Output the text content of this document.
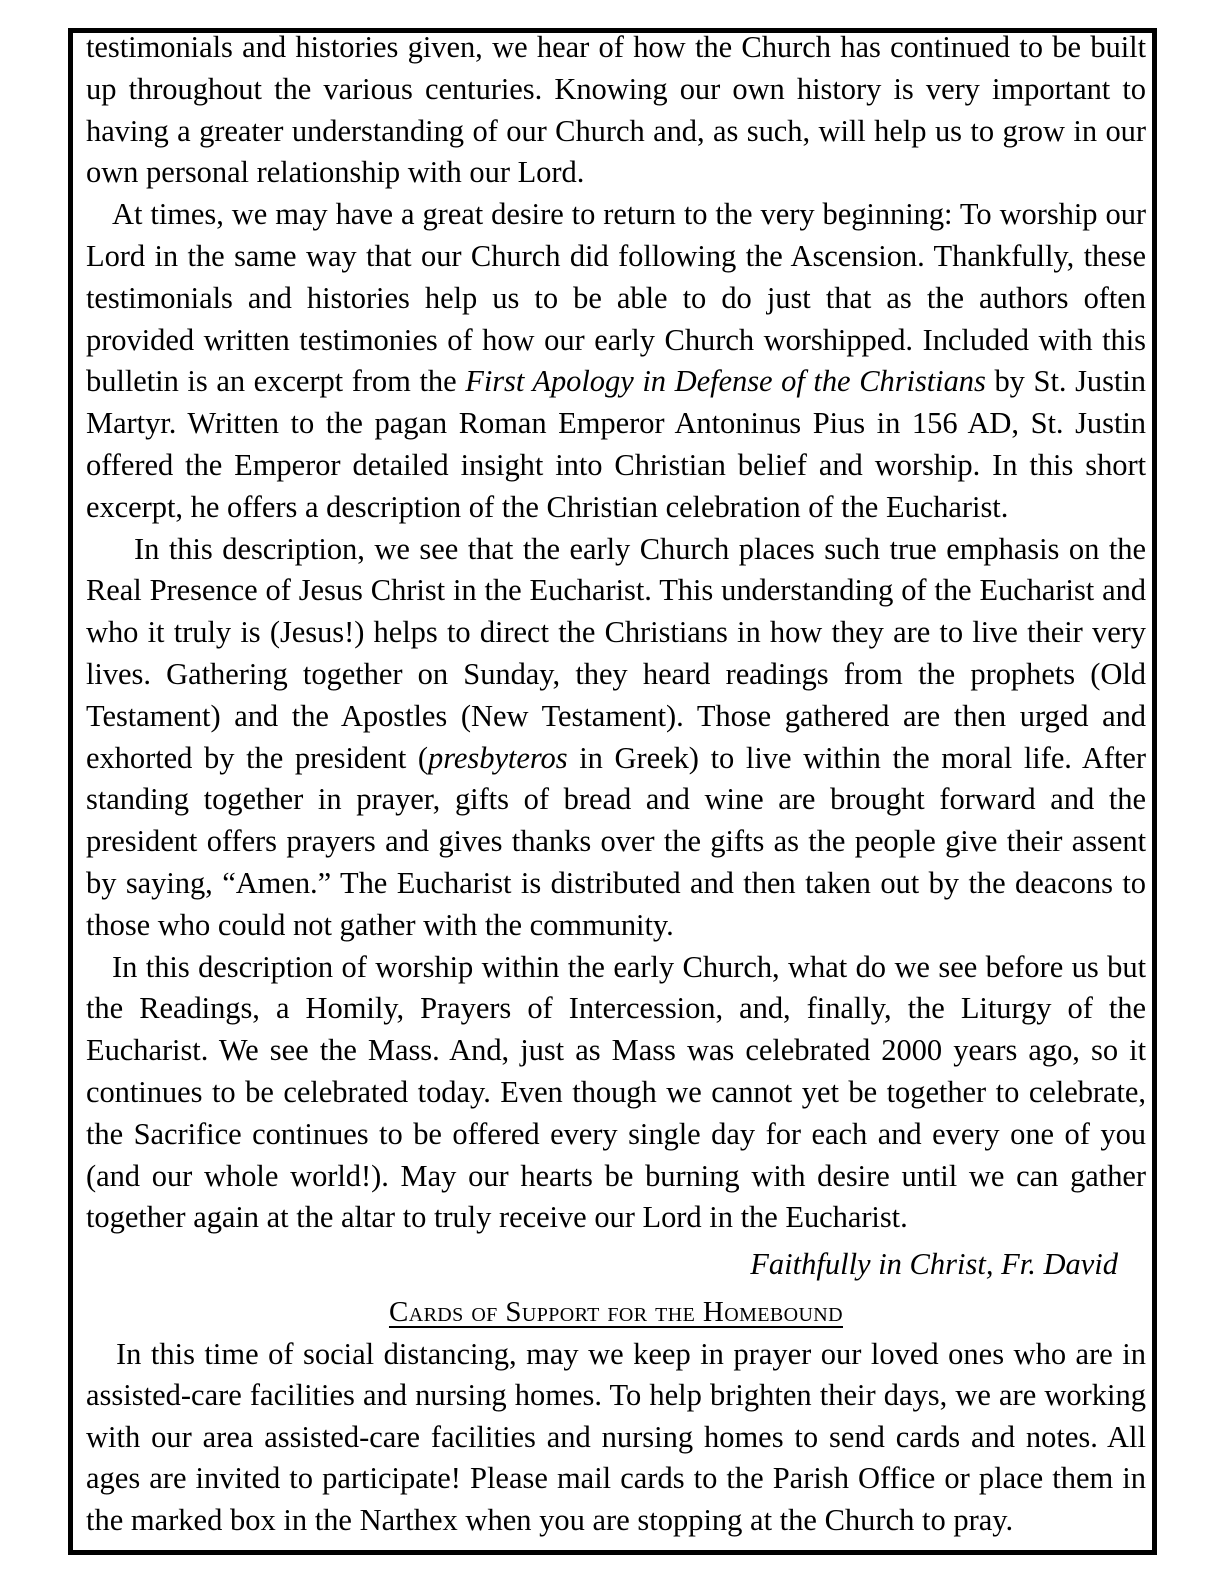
testimonials and histories given, we hear of how the Church has continued to be built up throughout the various centuries. Knowing our own history is very important to having a greater understanding of our Church and, as such, will help us to grow in our own personal relationship with our Lord.

At times, we may have a great desire to return to the very beginning: To worship our Lord in the same way that our Church did following the Ascension. Thankfully, these testimonials and histories help us to be able to do just that as the authors often provided written testimonies of how our early Church worshipped. Included with this bulletin is an excerpt from the First Apology in Defense of the Christians by St. Justin Martyr. Written to the pagan Roman Emperor Antoninus Pius in 156 AD, St. Justin offered the Emperor detailed insight into Christian belief and worship. In this short excerpt, he offers a description of the Christian celebration of the Eucharist.

In this description, we see that the early Church places such true emphasis on the Real Presence of Jesus Christ in the Eucharist. This understanding of the Eucharist and who it truly is (Jesus!) helps to direct the Christians in how they are to live their very lives. Gathering together on Sunday, they heard readings from the prophets (Old Testament) and the Apostles (New Testament). Those gathered are then urged and exhorted by the president (presbyteros in Greek) to live within the moral life. After standing together in prayer, gifts of bread and wine are brought forward and the president offers prayers and gives thanks over the gifts as the people give their assent by saying, “Amen.” The Eucharist is distributed and then taken out by the deacons to those who could not gather with the community.

In this description of worship within the early Church, what do we see before us but the Readings, a Homily, Prayers of Intercession, and, finally, the Liturgy of the Eucharist. We see the Mass. And, just as Mass was celebrated 2000 years ago, so it continues to be celebrated today. Even though we cannot yet be together to celebrate, the Sacrifice continues to be offered every single day for each and every one of you (and our whole world!). May our hearts be burning with desire until we can gather together again at the altar to truly receive our Lord in the Eucharist.

Faithfully in Christ, Fr. David
Cards of Support for the Homebound

In this time of social distancing, may we keep in prayer our loved ones who are in assisted-care facilities and nursing homes. To help brighten their days, we are working with our area assisted-care facilities and nursing homes to send cards and notes. All ages are invited to participate! Please mail cards to the Parish Office or place them in the marked box in the Narthex when you are stopping at the Church to pray.
